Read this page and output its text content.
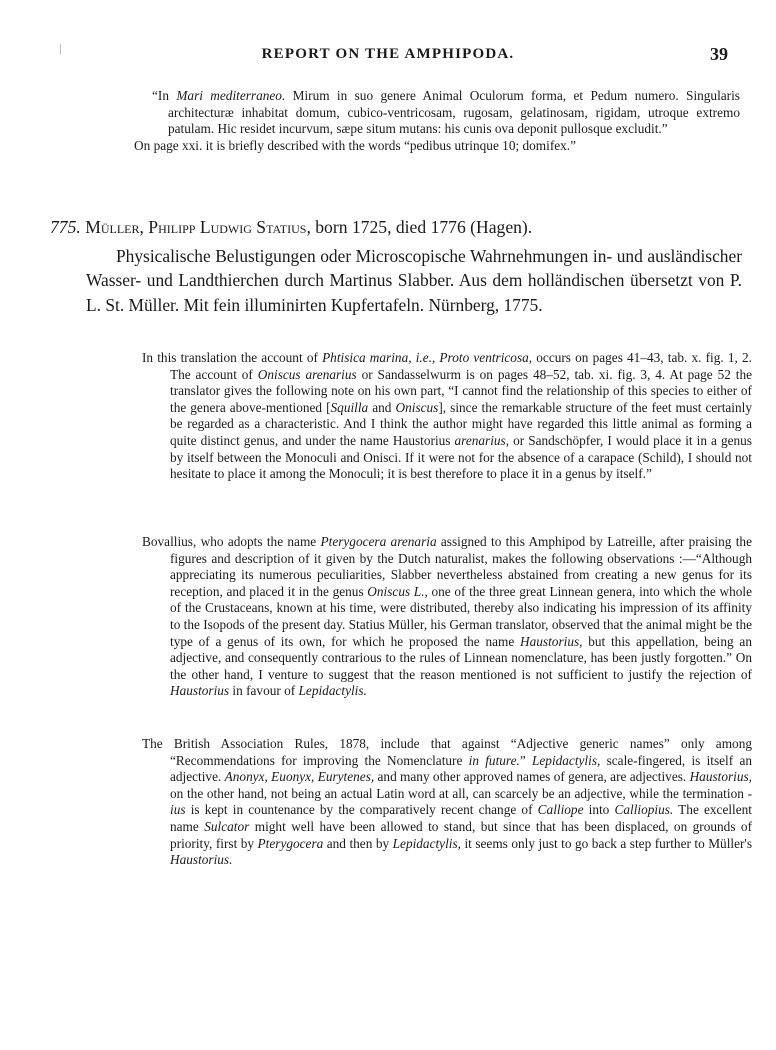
REPORT ON THE AMPHIPODA.	39
“In Mari mediterraneo. Mirum in suo genere Animal Oculorum forma, et Pedum numero. Singularis architecturæ inhabitat domum, cubico-ventricosam, rugosam, gelatinosam, rigidam, utroque extremo patulam. Hic residet incurvum, sæpe situm mutans: his cunis ova deponit pullosque excludit.”
On page xxi. it is briefly described with the words “pedibus utrinque 10; domifex.”
775. Müller, Philipp Ludwig Statius, born 1725, died 1776 (Hagen).
Physicalische Belustigungen oder Microscopische Wahrnehmungen in- und ausländischer Wasser- und Landthierchen durch Martinus Slabber. Aus dem holländischen übersetzt von P. L. St. Müller. Mit fein illuminirten Kupfertafeln. Nürnberg, 1775.
In this translation the account of Phtisica marina, i.e., Proto ventricosa, occurs on pages 41–43, tab. x. fig. 1, 2. The account of Oniscus arenarius or Sandasselwurm is on pages 48–52, tab. xi. fig. 3, 4. At page 52 the translator gives the following note on his own part, “I cannot find the relationship of this species to either of the genera above-mentioned [Squilla and Oniscus], since the remarkable structure of the feet must certainly be regarded as a characteristic. And I think the author might have regarded this little animal as forming a quite distinct genus, and under the name Haustorius arenarius, or Sandschöpfer, I would place it in a genus by itself between the Monoculi and Onisci. If it were not for the absence of a carapace (Schild), I should not hesitate to place it among the Monoculi; it is best therefore to place it in a genus by itself.”
Bovallius, who adopts the name Pterygocera arenaria assigned to this Amphipod by Latreille, after praising the figures and description of it given by the Dutch naturalist, makes the following observations :—“Although appreciating its numerous peculiarities, Slabber nevertheless abstained from creating a new genus for its reception, and placed it in the genus Oniscus L., one of the three great Linnean genera, into which the whole of the Crustaceans, known at his time, were distributed, thereby also indicating his impression of its affinity to the Isopods of the present day. Statius Müller, his German translator, observed that the animal might be the type of a genus of its own, for which he proposed the name Haustorius, but this appellation, being an adjective, and consequently contrarious to the rules of Linnean nomenclature, has been justly forgotten.” On the other hand, I venture to suggest that the reason mentioned is not sufficient to justify the rejection of Haustorius in favour of Lepidactylis.
The British Association Rules, 1878, include that against “Adjective generic names” only among “Recommendations for improving the Nomenclature in future.” Lepidactylis, scale-fingered, is itself an adjective. Anonyx, Euonyx, Eurytenes, and many other approved names of genera, are adjectives. Haustorius, on the other hand, not being an actual Latin word at all, can scarcely be an adjective, while the termination -ius is kept in countenance by the comparatively recent change of Calliope into Calliopius. The excellent name Sulcator might well have been allowed to stand, but since that has been displaced, on grounds of priority, first by Pterygocera and then by Lepidactylis, it seems only just to go back a step further to Müller's Haustorius.
